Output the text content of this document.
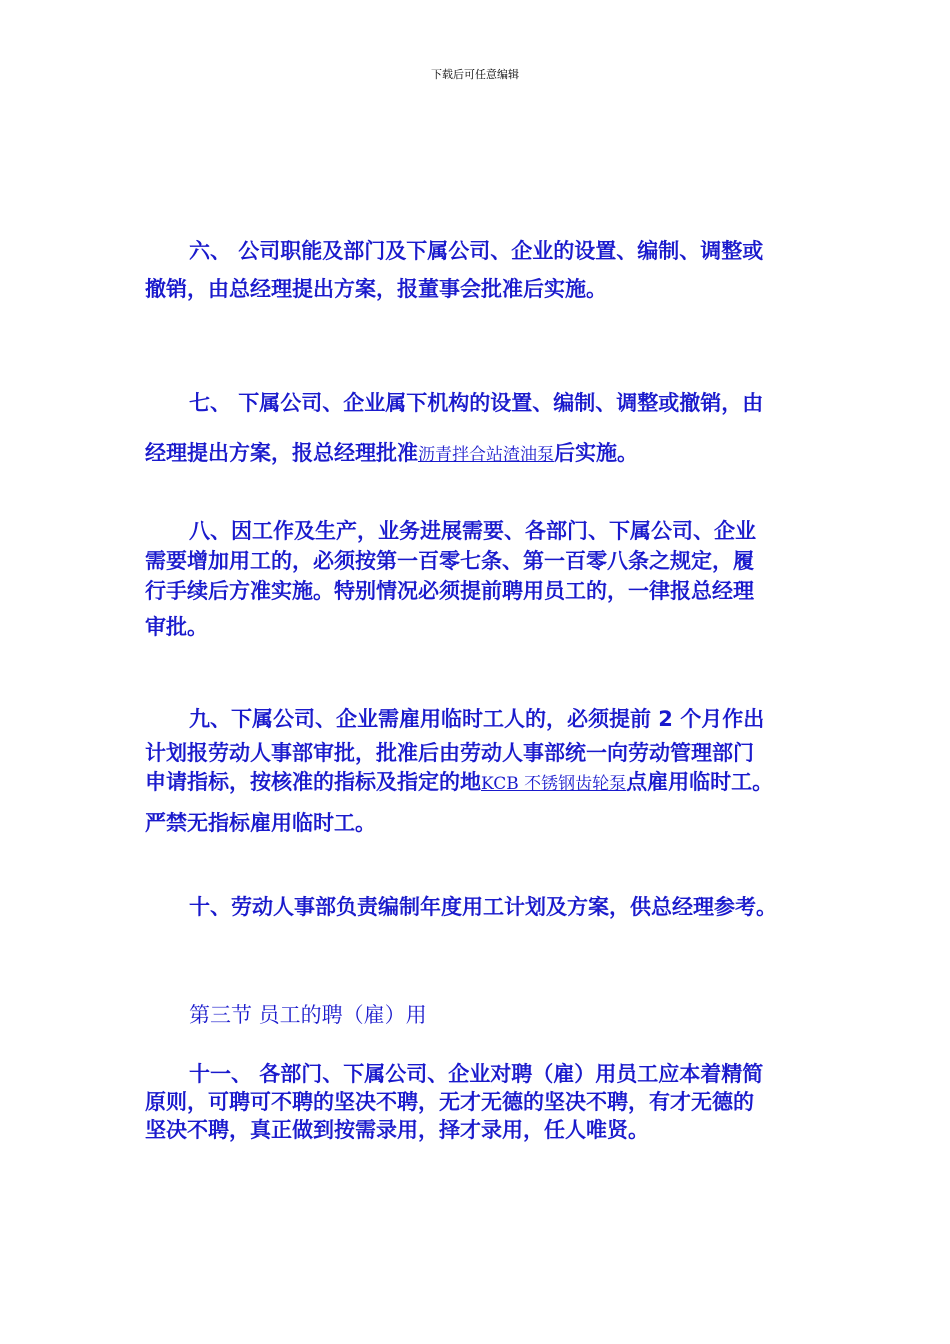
下载后可任意编辑
六、 公司职能及部门及下属公司、企业的设置、编制、调整或
撤销，由总经理提出方案，报董事会批准后实施。
七、 下属公司、企业属下机构的设置、编制、调整或撤销，由
经理提出方案，报总经理批准沥青拌合站渣油泵后实施。
八、因工作及生产，业务进展需要、各部门、下属公司、企业
需要增加用工的，必须按第一百零七条、第一百零八条之规定，履
行手续后方准实施。特别情况必须提前聘用员工的，一律报总经理
审批。
九、下属公司、企业需雇用临时工人的，必须提前 2 个月作出
计划报劳动人事部审批，批准后由劳动人事部统一向劳动管理部门
申请指标，按核准的指标及指定的地KCB 不锈钢齿轮泵点雇用临时工。
严禁无指标雇用临时工。
十、劳动人事部负责编制年度用工计划及方案，供总经理参考。
第三节 员工的聘（雇）用
十一、 各部门、下属公司、企业对聘（雇）用员工应本着精简
原则，可聘可不聘的坚决不聘，无才无德的坚决不聘，有才无德的
坚决不聘，真正做到按需录用，择才录用，任人唯贤。
